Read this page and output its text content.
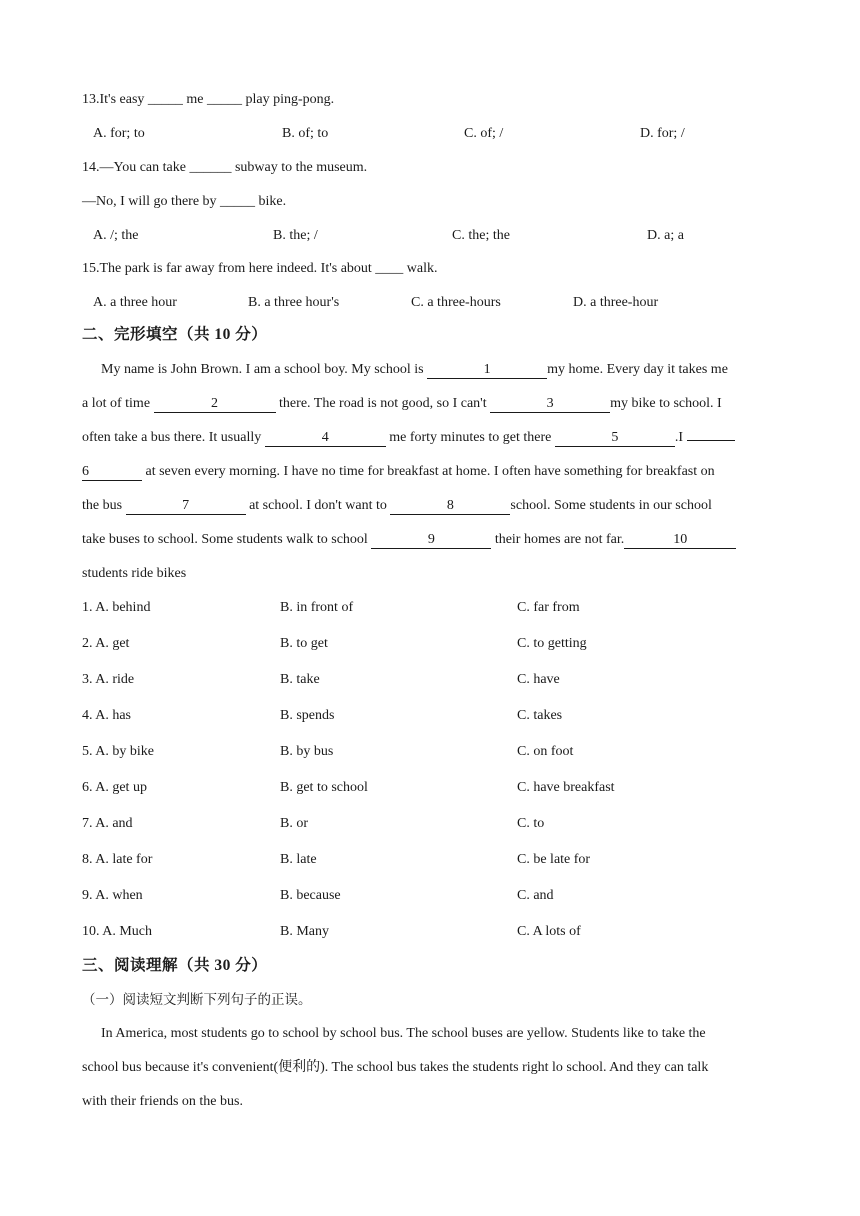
13.It's easy _____ me _____ play ping-pong.
A. for; to	B. of; to	C. of; /	D. for; /
14.—You can take ______ subway to the museum.
—No, I will go there by _____ bike.
A. /; the	B. the; /	C. the; the	D. a; a
15.The park is far away from here indeed. It's about ____ walk.
A. a three hour	B. a three hour's	C. a three-hours	D. a three-hour
二、完形填空（共 10 分）
My name is John Brown. I am a school boy. My school is	1	my home. Every day it takes me
a lot of time	2	there. The road is not good, so I can't	3	my bike to school. I
often take a bus there. It usually	4	me forty minutes to get there	5	.I
6	at seven every morning. I have no time for breakfast at home. I often have something for breakfast on
the bus	7	at school. I don't want to	8	school. Some students in our school
take buses to school. Some students walk to school	9	their homes are not far.	10
students ride bikes
1. A. behind	B. in front of	C. far from
2. A. get	B. to get	C. to getting
3. A. ride	B. take	C. have
4. A. has	B. spends	C. takes
5. A. by bike	B. by bus	C. on foot
6. A. get up	B. get to school	C. have breakfast
7. A. and	B. or	C. to
8. A. late for	B. late	C. be late for
9. A. when	B. because	C. and
10. A. Much	B. Many	C. A lots of
三、阅读理解（共 30 分）
（一）阅读短文判断下列句子的正误。
In America, most students go to school by school bus. The school buses are yellow. Students like to take the
school bus because it's convenient(便利的). The school bus takes the students right lo school. And they can talk
with their friends on the bus.
